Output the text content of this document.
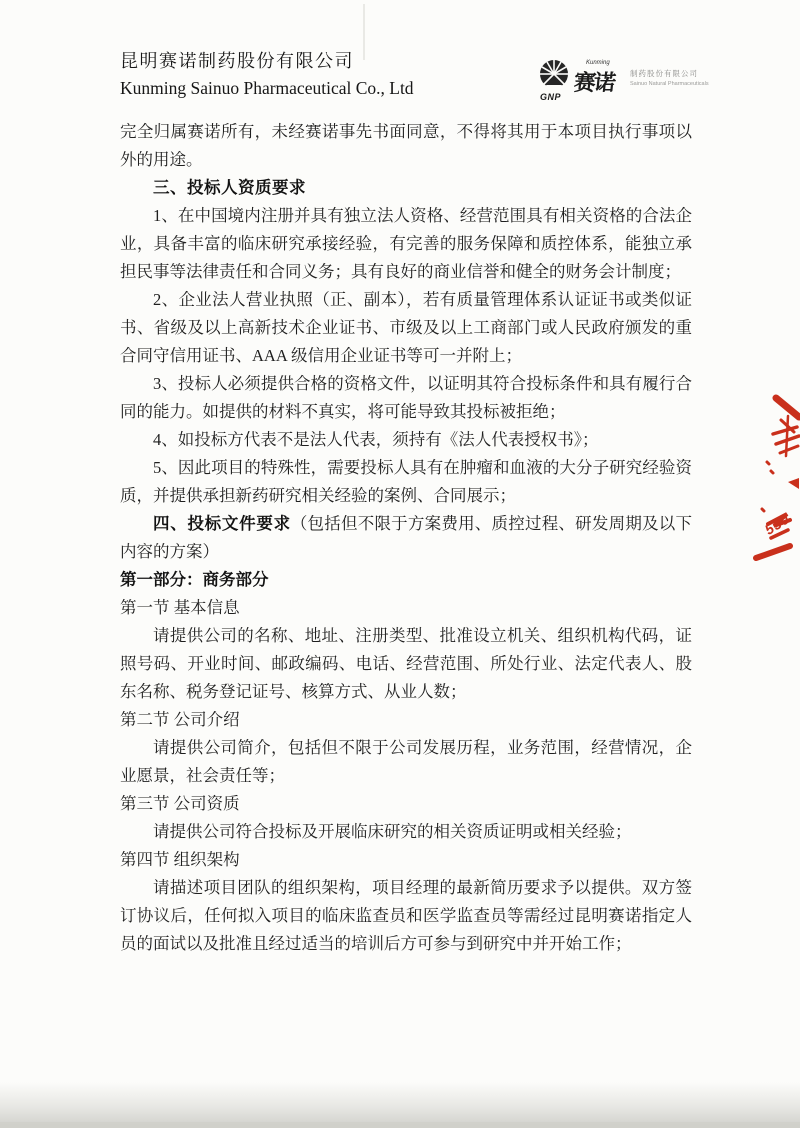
昆明赛诺制药股份有限公司
Kunming Sainuo Pharmaceutical Co., Ltd	GNP
Kunming
赛诺 制药股份有限公司
Sainuo Natural Pharmaceuticals

完全归属赛诺所有，未经赛诺事先书面同意，不得将其用于本项目执行事项以外的用途。

三、投标人资质要求

1、在中国境内注册并具有独立法人资格、经营范围具有相关资格的合法企业，具备丰富的临床研究承接经验，有完善的服务保障和质控体系，能独立承担民事等法律责任和合同义务；具有良好的商业信誉和健全的财务会计制度；

2、企业法人营业执照（正、副本），若有质量管理体系认证证书或类似证书、省级及以上高新技术企业证书、市级及以上工商部门或人民政府颁发的重合同守信用证书、AAA 级信用企业证书等可一并附上；

3、投标人必须提供合格的资格文件，以证明其符合投标条件和具有履行合同的能力。如提供的材料不真实，将可能导致其投标被拒绝；

4、如投标方代表不是法人代表，须持有《法人代表授权书》；

5、因此项目的特殊性，需要投标人具有在肿瘤和血液的大分子研究经验资质，并提供承担新药研究相关经验的案例、合同展示；

四、投标文件要求（包括但不限于方案费用、质控过程、研发周期及以下内容的方案）

第一部分：商务部分

第一节 基本信息

请提供公司的名称、地址、注册类型、批准设立机关、组织机构代码，证照号码、开业时间、邮政编码、电话、经营范围、所处行业、法定代表人、股东名称、税务登记证号、核算方式、从业人数；

第二节 公司介绍

请提供公司简介，包括但不限于公司发展历程，业务范围，经营情况，企业愿景，社会责任等；

第三节 公司资质

请提供公司符合投标及开展临床研究的相关资质证明或相关经验；

第四节 组织架构

请描述项目团队的组织架构，项目经理的最新简历要求予以提供。双方签订协议后，任何拟入项目的临床监查员和医学监查员等需经过昆明赛诺指定人员的面试以及批准且经过适当的培训后方可参与到研究中并开始工作；

530
